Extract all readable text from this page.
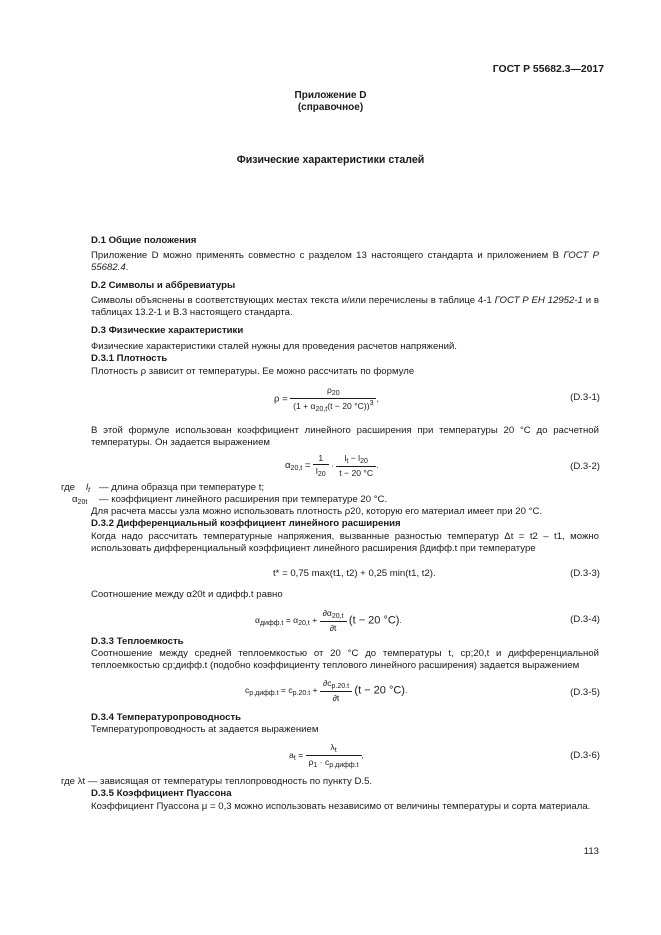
ГОСТ Р 55682.3—2017
Приложение D
(справочное)
Физические характеристики сталей
D.1 Общие положения
Приложение D можно применять совместно с разделом 13 настоящего стандарта и приложением В ГОСТ Р 55682.4.
D.2 Символы и аббревиатуры
Символы объяснены в соответствующих местах текста и/или перечислены в таблице 4-1 ГОСТ Р ЕН 12952-1 и в таблицах 13.2-1 и В.3 настоящего стандарта.
D.3 Физические характеристики
Физические характеристики сталей нужны для проведения расчетов напряжений.
D.3.1 Плотность
Плотность ρ зависит от температуры. Ее можно рассчитать по формуле
$\rho = \frac{\rho_{20}}{(1 + \alpha_{20,t}(t - 20 ^\circ C))^3}$ ,	(D.3-1)
В этой формуле использован коэффициент линейного расширения при температуры 20 °C до расчетной температуры. Он задается выражением
$\alpha_{20,t} = \frac{1}{l_{20}} \cdot \frac{l_t - l_{20}}{t - 20 ^\circ C}$ .	(D.3-2)
где $l_t$ — длина образца при температуре t;
$\alpha_{20t}$ — коэффициент линейного расширения при температуре 20 °C.
Для расчета массы узла можно использовать плотность ρ20, которую его материал имеет при 20 °C.
D.3.2 Дифференциальный коэффициент линейного расширения
Когда надо рассчитать температурные напряжения, вызванные разностью температур Δt = t2 – t1, можно использовать дифференциальный коэффициент линейного расширения βдифф.t при температуре
t* = 0,75 max(t1, t2) + 0,25 min(t1, t2).	(D.3-3)
Соотношение между α20t и αдифф.t равно
$\alpha_{дифф.t} = \alpha_{20,t} + \frac{\partial\alpha_{20,t}}{\partial t} (t - 20$ °C).	(D.3-4)
D.3.3 Теплоемкость
Соотношение между средней теплоемкостью от 20 °C до температуры t, cp;20,t и дифференциальной теплоемкостью cp;дифф.t (подобно коэффициенту теплового линейного расширения) задается выражением
$c_{p.дифф.t} = c_{p.20.t} + \frac{\partial c_{p.20.t}}{\partial t} (t - 20$ °C).	(D.3-5)
D.3.4 Температуропроводность
Температуропроводность at задается выражением
$a_t = \frac{\lambda_t}{\rho_1 \cdot c_{p.дифф.t}}$ ,	(D.3-6)
где λt — зависящая от температуры теплопроводность по пункту D.5.
D.3.5 Коэффициент Пуассона
Коэффициент Пуассона μ = 0,3 можно использовать независимо от величины температуры и сорта материала.
113
